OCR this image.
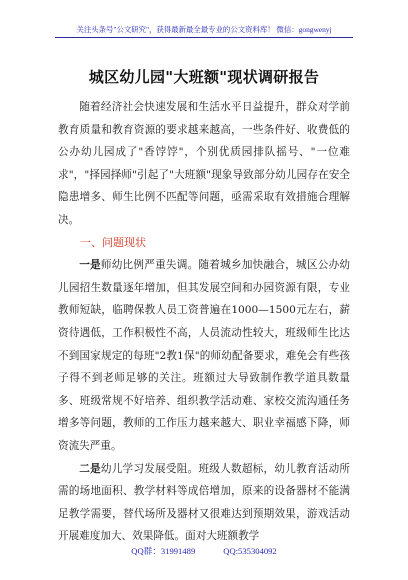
关注头条号"公文研究"，获得最新最全最专业的公文资料库！ 微信：gongwenyj
城区幼儿园"大班额"现状调研报告

随着经济社会快速发展和生活水平日益提升，群众对学前教育质量和教育资源的要求越来越高，一些条件好、收费低的公办幼儿园成了"香饽饽"，个别优质园排队摇号、"一位难求"，"择园择师"引起了"大班额"现象导致部分幼儿园存在安全隐患增多、师生比例不匹配等问题，亟需采取有效措施合理解决。

一、问题现状

一是师幼比例严重失调。随着城乡加快融合，城区公办幼儿园招生数量逐年增加，但其发展空间和办园资源有限，专业教师短缺，临聘保教人员工资普遍在1000—1500元左右，薪资待遇低，工作积极性不高，人员流动性较大，班级师生比达不到国家规定的每班"2教1保"的师幼配备要求，难免会有些孩子得不到老师足够的关注。班额过大导致制作教学道具数量多、班级常规不好培养、组织教学活动难、家校交流沟通任务增多等问题，教师的工作压力越来越大、职业幸福感下降，师资流失严重。

二是幼儿学习发展受阻。班级人数超标，幼儿教育活动所需的场地面积、教学材料等成倍增加，原来的设备器材不能满足教学需要，替代场所及器材又很难达到预期效果，游戏活动开展难度加大、效果降低。面对大班额教学

QQ群：31991489	QQ:535304092
